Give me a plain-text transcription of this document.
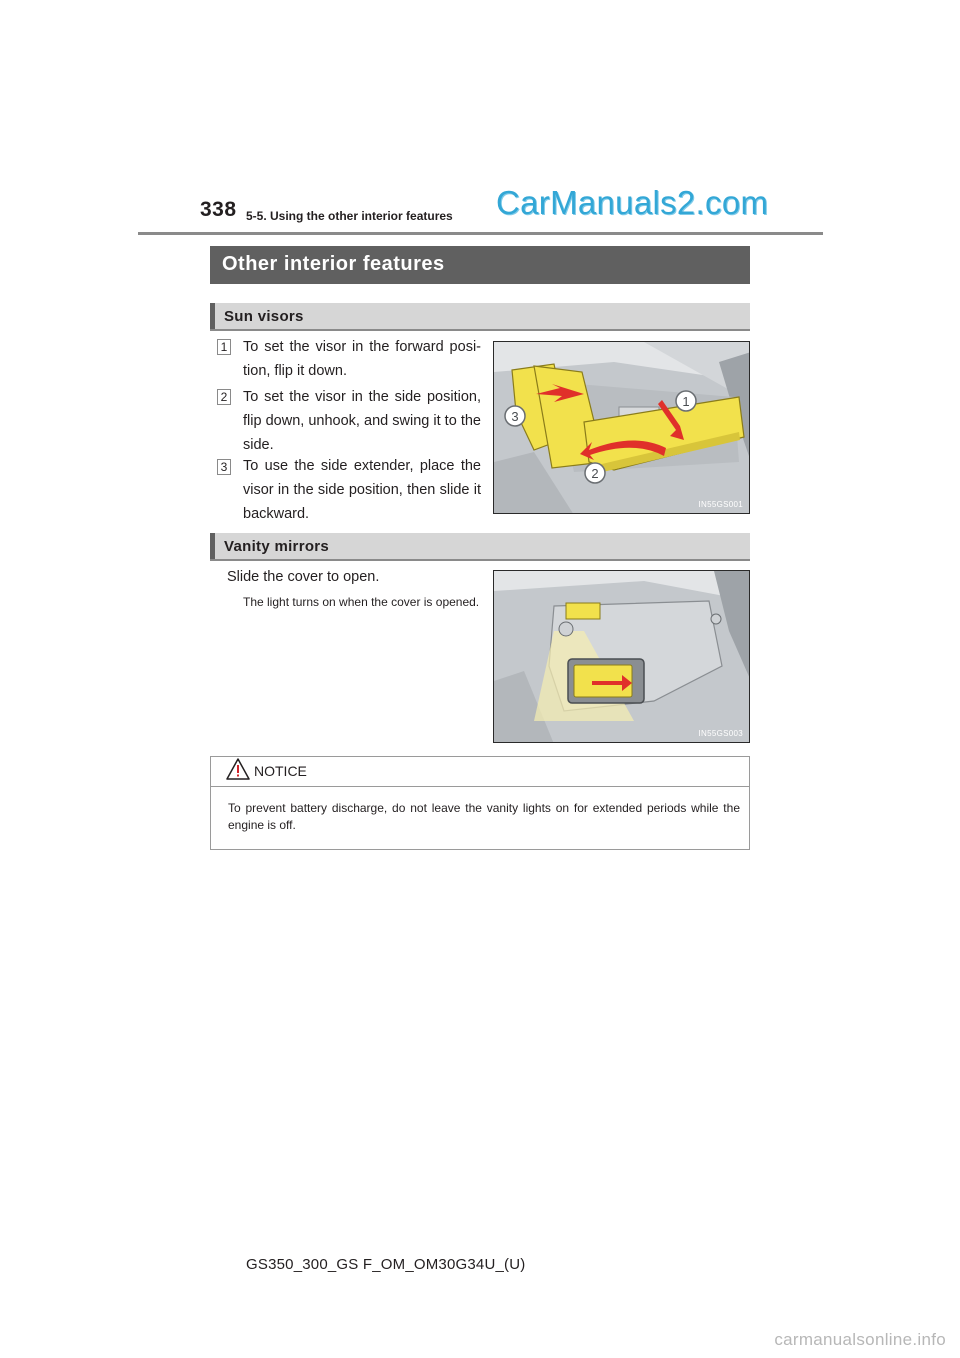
338 5-5. Using the other interior features CarManuals2.com
Other interior features
Sun visors
1 To set the visor in the forward posi-tion, flip it down.
2 To set the visor in the side position, flip down, unhook, and swing it to the side.
3 To use the side extender, place the visor in the side position, then slide it backward.
1
2
3
IN55GS001
Vanity mirrors
Slide the cover to open.
The light turns on when the cover is opened.
IN55GS003
NOTICE
To prevent battery discharge, do not leave the vanity lights on for extended periods while the engine is off.
GS350_300_GS F_OM_OM30G34U_(U)
carmanualsonline.info
